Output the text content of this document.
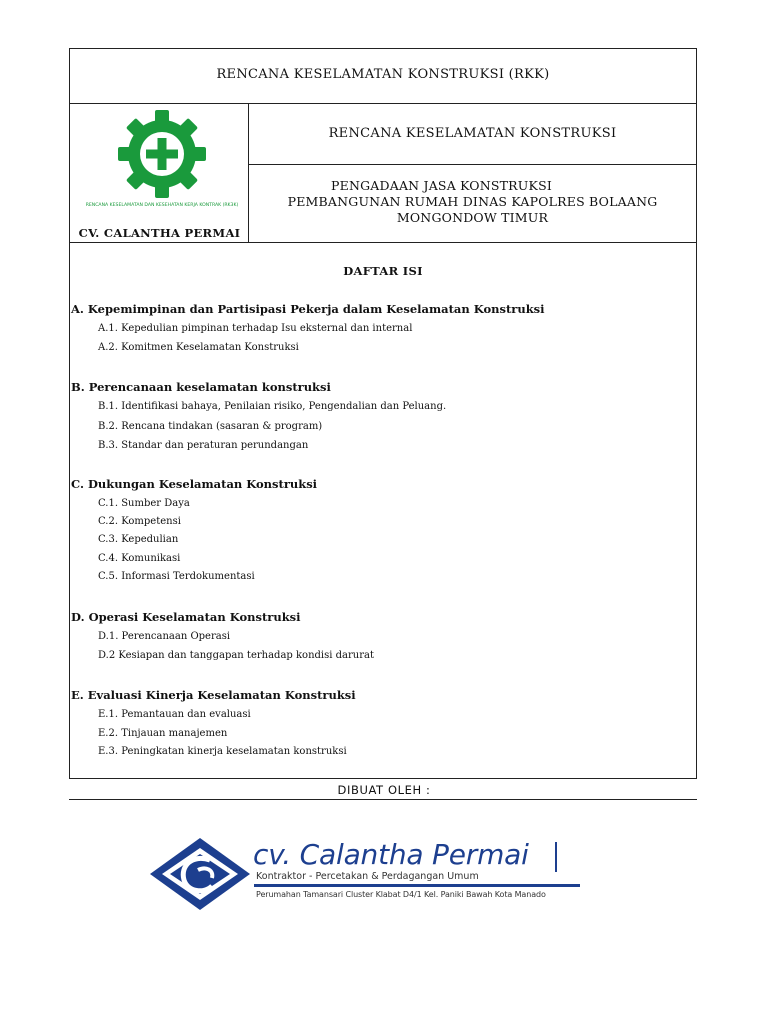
RENCANA KESELAMATAN KONSTRUKSI (RKK)
RENCANA KESELAMATAN DAN KESEHATAN KERJA KONTRAK (RK3K)
CV. CALANTHA PERMAI
RENCANA KESELAMATAN KONSTRUKSI
PENGADAAN JASA KONSTRUKSI
PEMBANGUNAN RUMAH DINAS KAPOLRES BOLAANG
MONGONDOW TIMUR
DAFTAR ISI
A. Kepemimpinan dan Partisipasi Pekerja dalam Keselamatan Konstruksi
A.1. Kepedulian pimpinan terhadap Isu eksternal dan internal
A.2. Komitmen Keselamatan Konstruksi
B. Perencanaan keselamatan konstruksi
B.1. Identifikasi bahaya, Penilaian risiko, Pengendalian dan Peluang.
B.2. Rencana tindakan (sasaran & program)
B.3. Standar dan peraturan perundangan
C. Dukungan Keselamatan Konstruksi
C.1. Sumber Daya
C.2. Kompetensi
C.3. Kepedulian
C.4. Komunikasi
C.5. Informasi Terdokumentasi
D. Operasi Keselamatan Konstruksi
D.1. Perencanaan Operasi
D.2 Kesiapan dan tanggapan terhadap kondisi darurat
E. Evaluasi Kinerja Keselamatan Konstruksi
E.1. Pemantauan dan evaluasi
E.2. Tinjauan manajemen
E.3. Peningkatan kinerja keselamatan konstruksi
DIBUAT OLEH :
cv. Calantha Permai
Kontraktor - Percetakan & Perdagangan Umum
Perumahan Tamansari Cluster Klabat D4/1 Kel. Paniki Bawah Kota Manado
